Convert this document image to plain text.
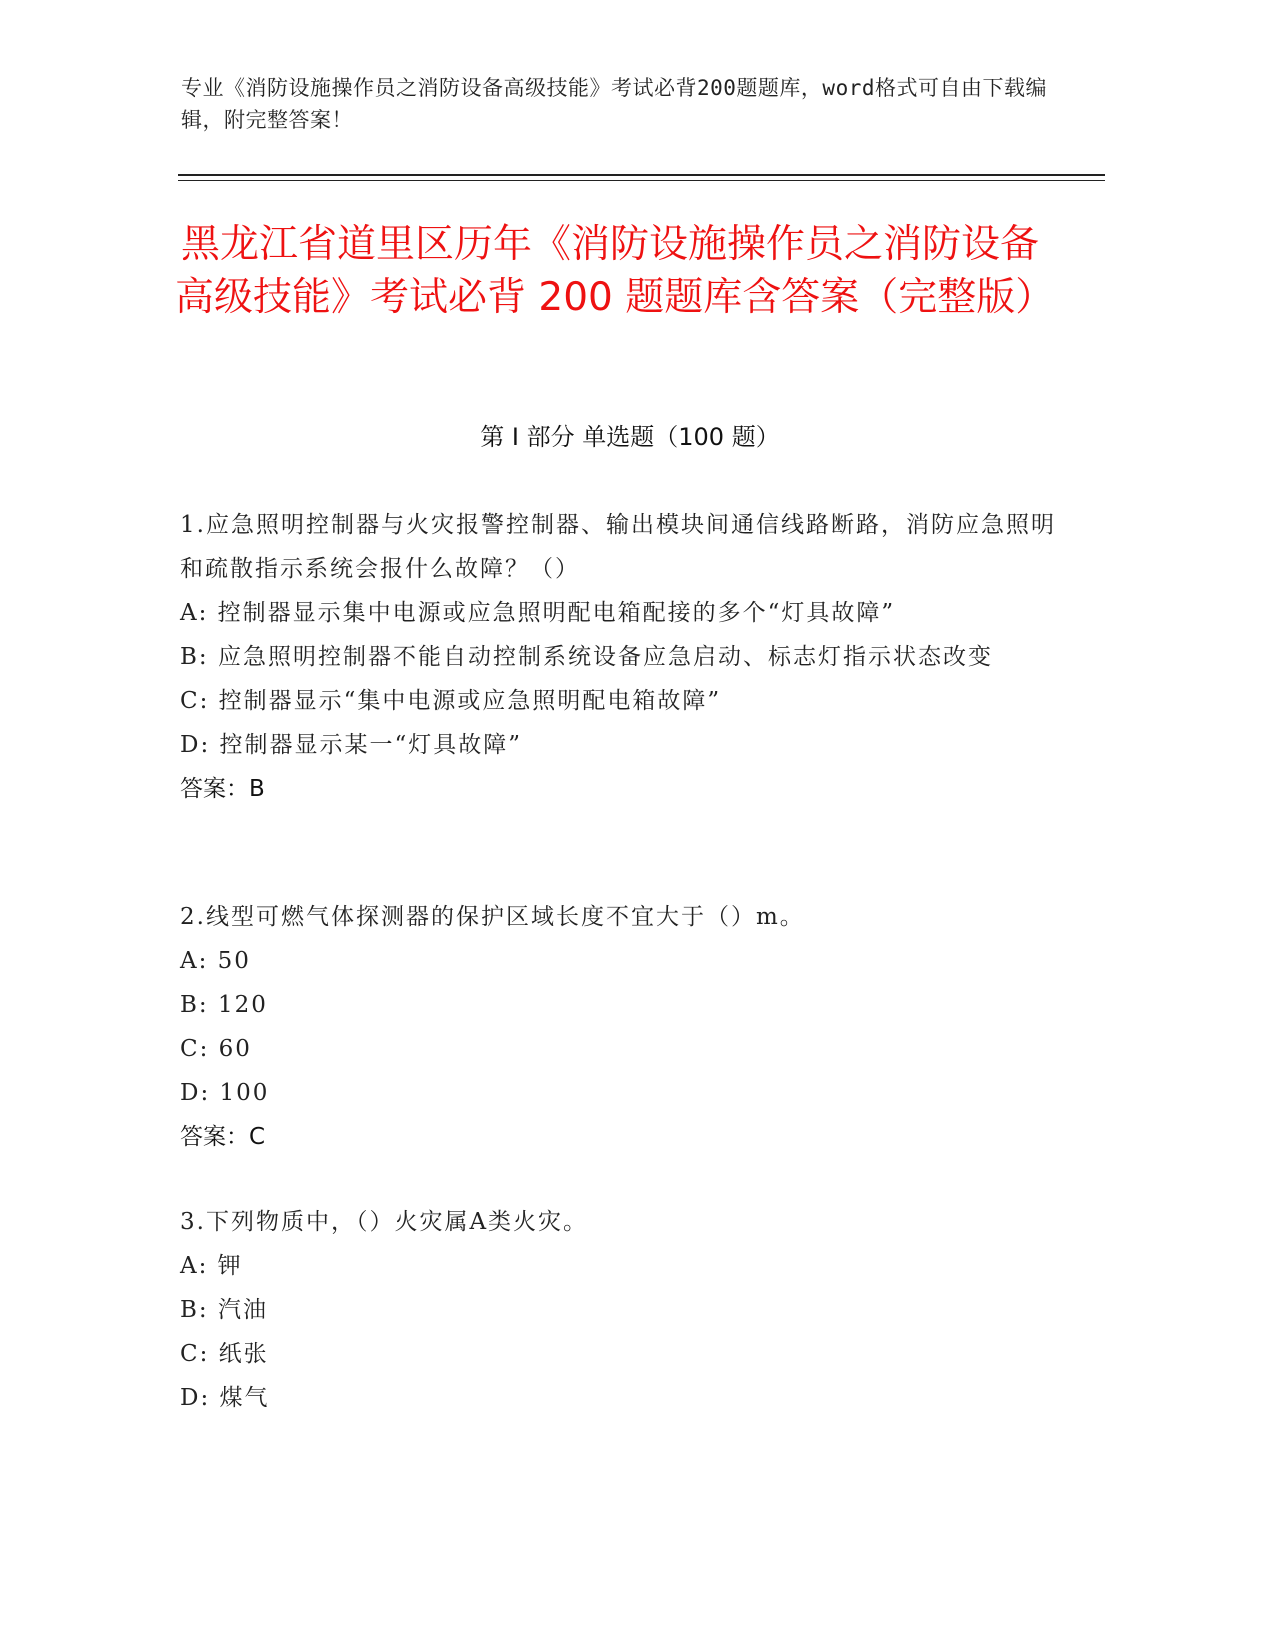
专业《消防设施操作员之消防设备高级技能》考试必背200题题库，word格式可自由下载编辑，附完整答案！
黑龙江省道里区历年《消防设施操作员之消防设备高级技能》考试必背 200 题题库含答案（完整版）
第 I 部分 单选题（100 题）
1.应急照明控制器与火灾报警控制器、输出模块间通信线路断路，消防应急照明和疏散指示系统会报什么故障？（）
A: 控制器显示集中电源或应急照明配电箱配接的多个“灯具故障”
B: 应急照明控制器不能自动控制系统设备应急启动、标志灯指示状态改变
C: 控制器显示“集中电源或应急照明配电箱故障”
D: 控制器显示某一“灯具故障”
答案：B
2.线型可燃气体探测器的保护区域长度不宜大于（）m。
A: 50
B: 120
C: 60
D: 100
答案：C
3.下列物质中，（）火灾属A类火灾。
A: 钾
B: 汽油
C: 纸张
D: 煤气
